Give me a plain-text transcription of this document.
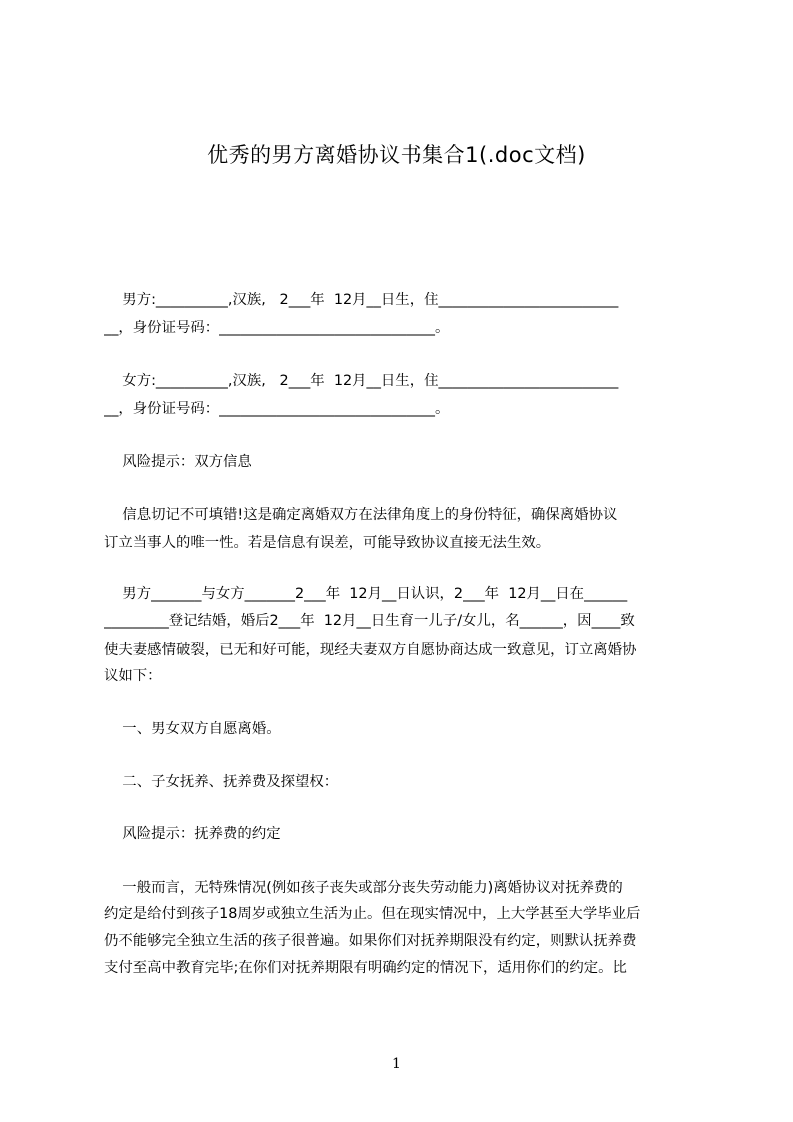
优秀的男方离婚协议书集合1(.doc文档)

男方:__________,汉族,   2___年  12月__日生，住_________________________

__，身份证号码：______________________________。

女方:__________,汉族,   2___年  12月__日生，住_________________________

__，身份证号码：______________________________。

风险提示：双方信息

信息切记不可填错!这是确定离婚双方在法律角度上的身份特征，确保离婚协议

订立当事人的唯一性。若是信息有误差，可能导致协议直接无法生效。

男方_______与女方_______2___年  12月__日认识，2___年  12月__日在______

_________登记结婚，婚后2___年  12月__日生育一儿子/女儿，名______，因____致

使夫妻感情破裂，已无和好可能，现经夫妻双方自愿协商达成一致意见，订立离婚协

议如下：

一、男女双方自愿离婚。

二、子女抚养、抚养费及探望权：

风险提示：抚养费的约定

一般而言，无特殊情况(例如孩子丧失或部分丧失劳动能力)离婚协议对抚养费的

约定是给付到孩子18周岁或独立生活为止。但在现实情况中，上大学甚至大学毕业后

仍不能够完全独立生活的孩子很普遍。如果你们对抚养期限没有约定，则默认抚养费

支付至高中教育完毕;在你们对抚养期限有明确约定的情况下，适用你们的约定。比

1
